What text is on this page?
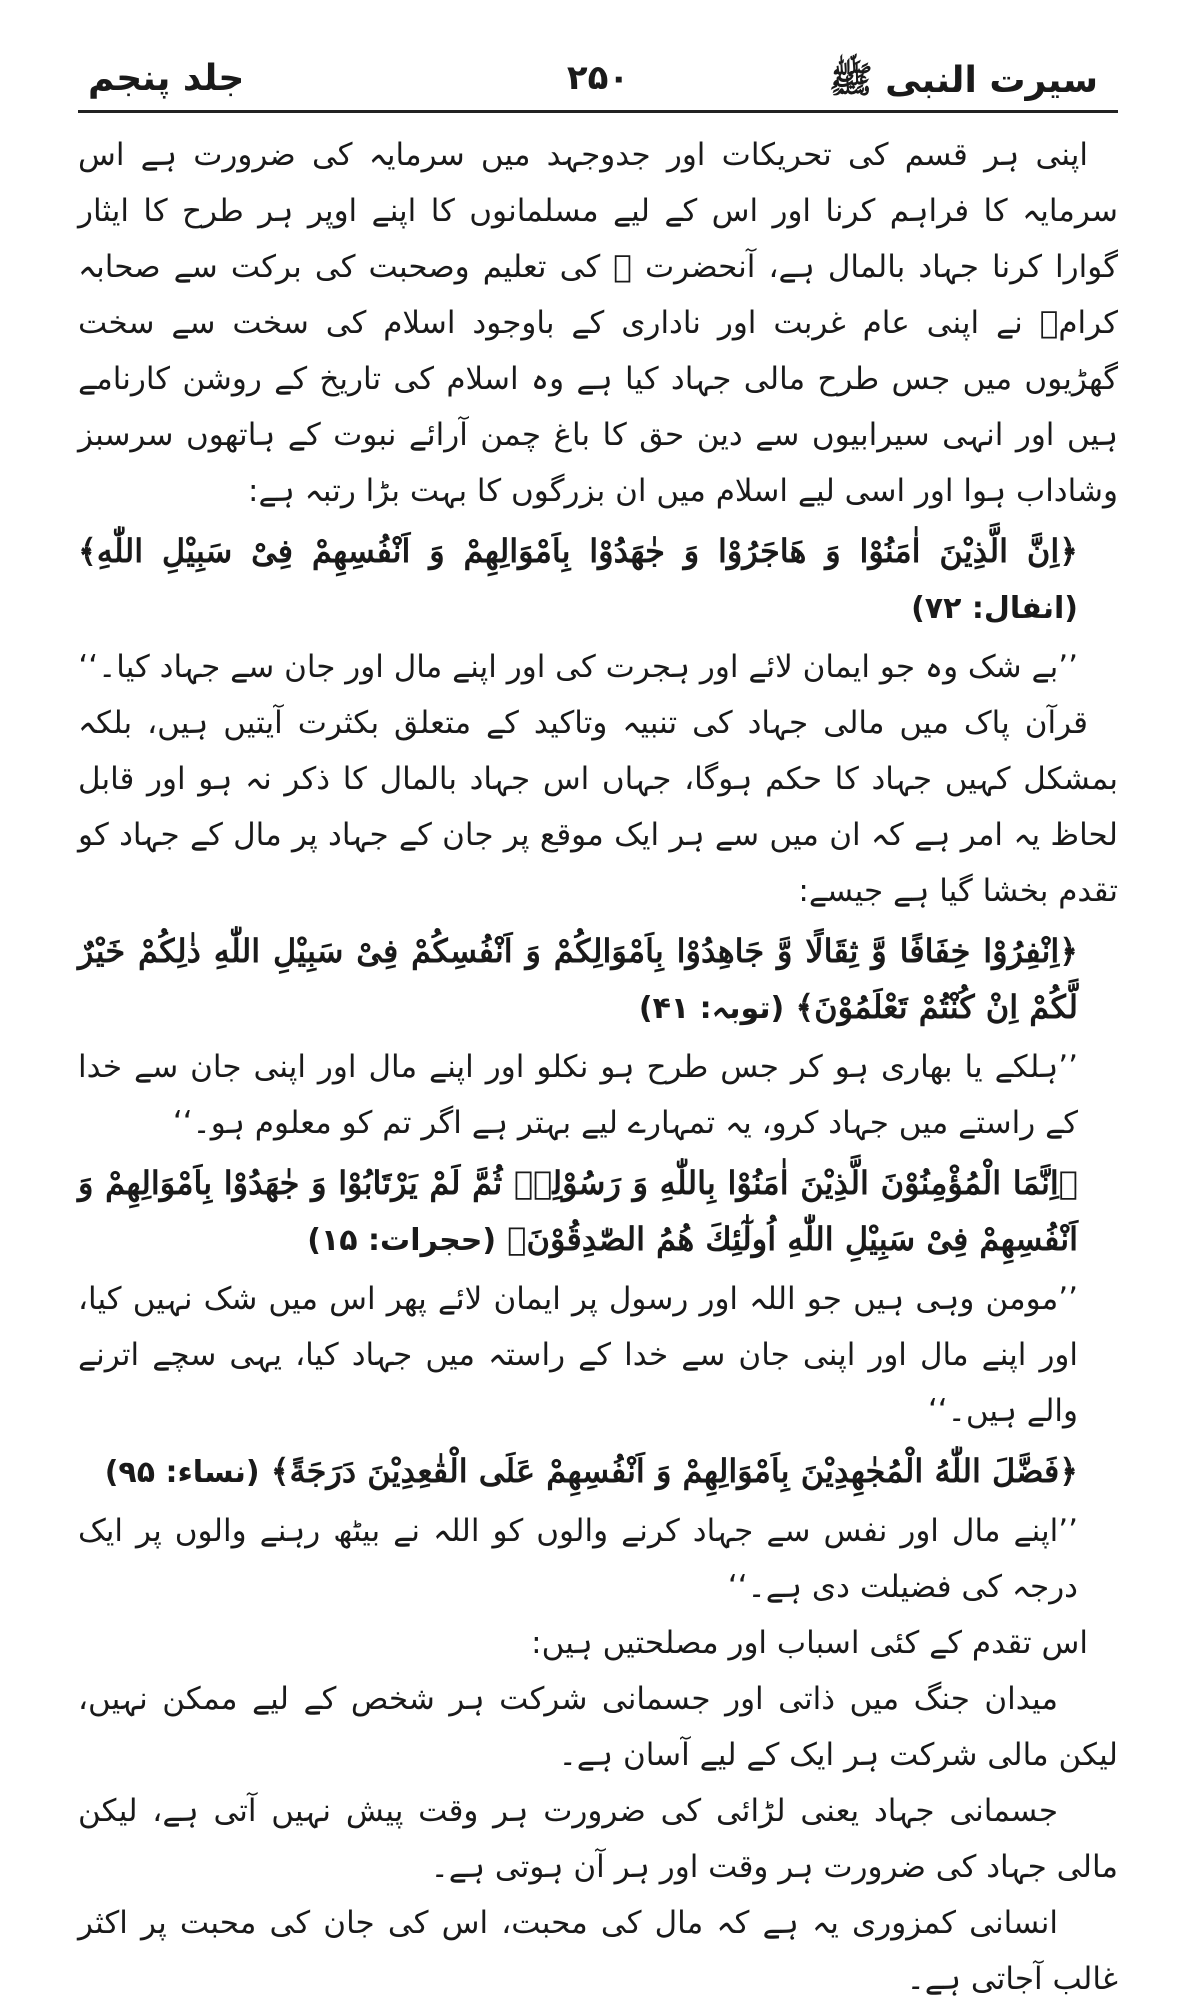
سیرت النبی ﷺ
۲۵۰
جلد پنجم

اپنی ہر قسم کی تحریکات اور جدوجہد میں سرمایہ کی ضرورت ہے اس سرمایہ کا فراہم کرنا اور اس کے لیے مسلمانوں کا اپنے اوپر ہر طرح کا ایثار گوارا کرنا جہاد بالمال ہے، آنحضرت ﷺ کی تعلیم وصحبت کی برکت سے صحابہ کرامؓ نے اپنی عام غربت اور ناداری کے باوجود اسلام کی سخت سے سخت گھڑیوں میں جس طرح مالی جہاد کیا ہے وہ اسلام کی تاریخ کے روشن کارنامے ہیں اور انہی سیرابیوں سے دین حق کا باغ چمن آرائے نبوت کے ہاتھوں سرسبز وشاداب ہوا اور اسی لیے اسلام میں ان بزرگوں کا بہت بڑا رتبہ ہے:

﴿اِنَّ الَّذِیْنَ اٰمَنُوْا وَ هَاجَرُوْا وَ جٰهَدُوْا بِاَمْوَالِهِمْ وَ اَنْفُسِهِمْ فِیْ سَبِیْلِ اللّٰهِ﴾ (انفال: ۷۲)

’’بے شک وہ جو ایمان لائے اور ہجرت کی اور اپنے مال اور جان سے جہاد کیا۔‘‘

قرآن پاک میں مالی جہاد کی تنبیہ وتاکید کے متعلق بکثرت آیتیں ہیں، بلکہ بمشکل کہیں جہاد کا حکم ہوگا، جہاں اس جہاد بالمال کا ذکر نہ ہو اور قابل لحاظ یہ امر ہے کہ ان میں سے ہر ایک موقع پر جان کے جہاد پر مال کے جہاد کو تقدم بخشا گیا ہے جیسے:

﴿اِنْفِرُوْا خِفَافًا وَّ ثِقَالًا وَّ جَاهِدُوْا بِاَمْوَالِكُمْ وَ اَنْفُسِكُمْ فِیْ سَبِیْلِ اللّٰهِ ذٰلِكُمْ خَیْرٌ لَّكُمْ اِنْ كُنْتُمْ تَعْلَمُوْنَ﴾ (توبہ: ۴۱)

’’ہلکے یا بھاری ہو کر جس طرح ہو نکلو اور اپنے مال اور اپنی جان سے خدا کے راستے میں جہاد کرو، یہ تمہارے لیے بہتر ہے اگر تم کو معلوم ہو۔‘‘

﴿اِنَّمَا الْمُؤْمِنُوْنَ الَّذِیْنَ اٰمَنُوْا بِاللّٰهِ وَ رَسُوْلِهٖ ثُمَّ لَمْ یَرْتَابُوْا وَ جٰهَدُوْا بِاَمْوَالِهِمْ وَ اَنْفُسِهِمْ فِیْ سَبِیْلِ اللّٰهِ اُولٰٓئِكَ هُمُ الصّٰدِقُوْنَ﴾ (حجرات: ۱۵)

’’مومن وہی ہیں جو اللہ اور رسول پر ایمان لائے پھر اس میں شک نہیں کیا، اور اپنے مال اور اپنی جان سے خدا کے راستہ میں جہاد کیا، یہی سچے اترنے والے ہیں۔‘‘

﴿فَضَّلَ اللّٰهُ الْمُجٰهِدِیْنَ بِاَمْوَالِهِمْ وَ اَنْفُسِهِمْ عَلَى الْقٰعِدِیْنَ دَرَجَةً﴾ (نساء: ۹۵)

’’اپنے مال اور نفس سے جہاد کرنے والوں کو اللہ نے بیٹھ رہنے والوں پر ایک درجہ کی فضیلت دی ہے۔‘‘

اس تقدم کے کئی اسباب اور مصلحتیں ہیں:

میدان جنگ میں ذاتی اور جسمانی شرکت ہر شخص کے لیے ممکن نہیں، لیکن مالی شرکت ہر ایک کے لیے آسان ہے۔

جسمانی جہاد یعنی لڑائی کی ضرورت ہر وقت پیش نہیں آتی ہے، لیکن مالی جہاد کی ضرورت ہر وقت اور ہر آن ہوتی ہے۔

انسانی کمزوری یہ ہے کہ مال کی محبت، اس کی جان کی محبت پر اکثر غالب آجاتی ہے۔
